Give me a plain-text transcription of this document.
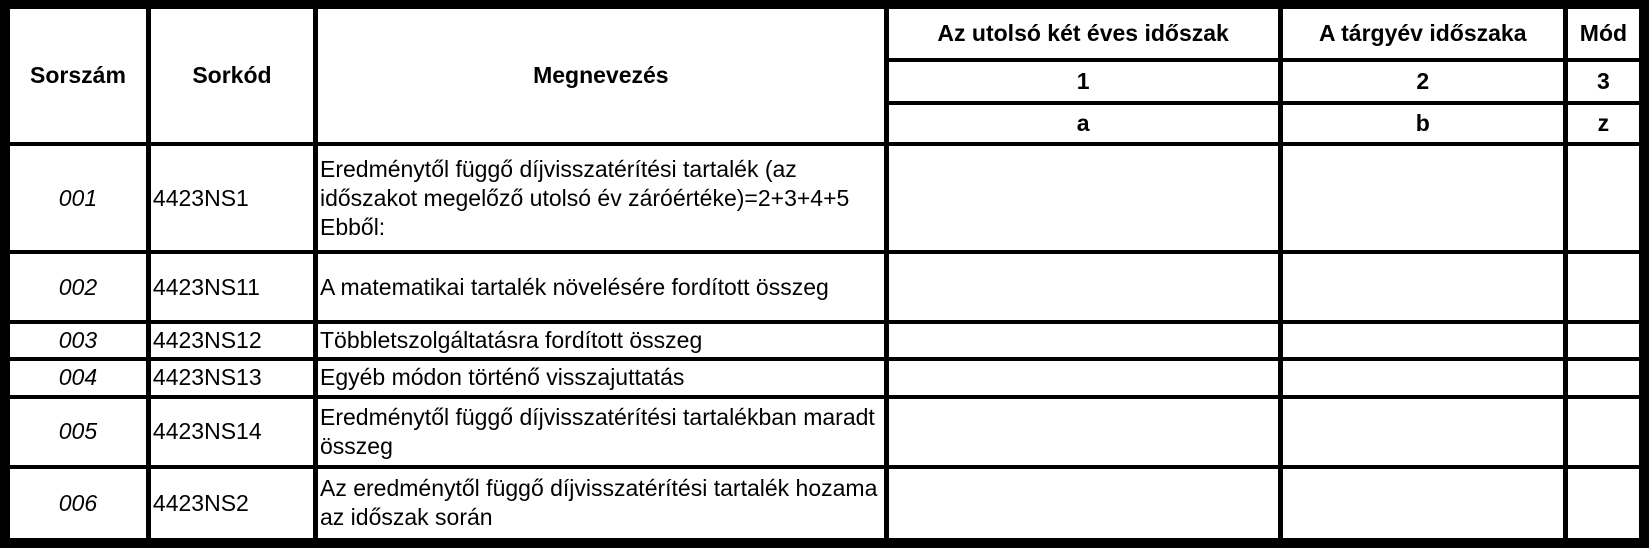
Sorszám	Sorkód	Megnevezés	Az utolsó két éves időszak	A tárgyév időszaka	Mód
			1	2	3
			a	b	z
001	4423NS1	Eredménytől függő díjvisszatérítési tartalék (az időszakot megelőző utolsó év záróértéke)=2+3+4+5 Ebből:			
002	4423NS11	A matematikai tartalék növelésére fordított összeg			
003	4423NS12	Többletszolgáltatásra fordított összeg			
004	4423NS13	Egyéb módon történő visszajuttatás			
005	4423NS14	Eredménytől függő díjvisszatérítési tartalékban maradt összeg			
006	4423NS2	Az eredménytől függő díjvisszatérítési tartalék hozama az időszak során			
